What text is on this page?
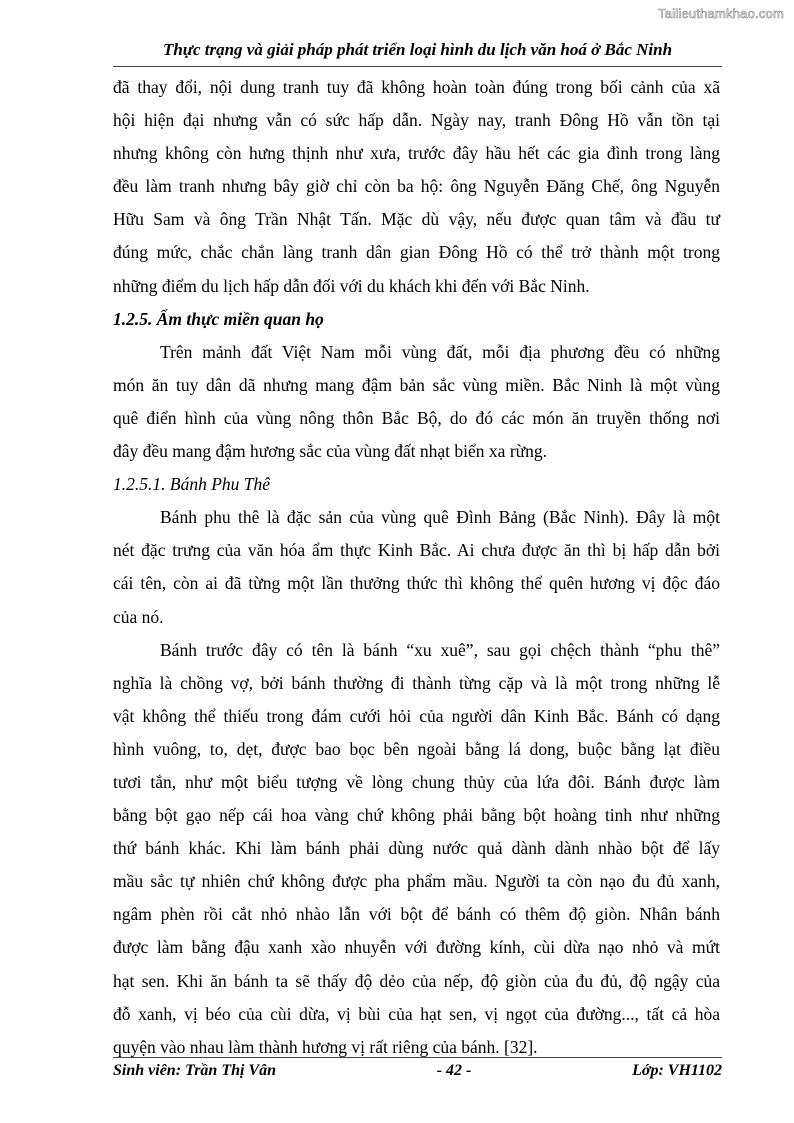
Tailieuthamkhao.com
Thực trạng và giải pháp phát triển loại hình du lịch văn hoá ở Bắc Ninh
đã thay đổi, nội dung tranh tuy đã không hoàn toàn đúng trong bối cảnh của xã
hội hiện đại nhưng vẫn có sức hấp dẫn. Ngày nay, tranh Đông Hồ vẫn tồn tại
nhưng không còn hưng thịnh như xưa, trước đây hầu hết các gia đình trong làng
đều làm tranh nhưng bây giờ chỉ còn ba hộ: ông Nguyễn Đăng Chế, ông Nguyễn
Hữu Sam và ông Trần Nhật Tấn. Mặc dù vậy, nếu được quan tâm và đầu tư
đúng mức, chắc chắn làng tranh dân gian Đông Hồ có thể trở thành một trong
những điểm du lịch hấp dẫn đối với du khách khi đến với Bắc Ninh.
1.2.5. Ẩm thực miền quan họ
Trên mảnh đất Việt Nam mỗi vùng đất, mỗi địa phương đều có những
món ăn tuy dân dã nhưng mang đậm bản sắc vùng miền. Bắc Ninh là một vùng
quê điển hình của vùng nông thôn Bắc Bộ, do đó các món ăn truyền thống nơi
đây đều mang đậm hương sắc của vùng đất nhạt biển xa rừng.
1.2.5.1. Bánh Phu Thê
Bánh phu thê là đặc sản của vùng quê Đình Bảng (Bắc Ninh). Đây là một
nét đặc trưng của văn hóa ẩm thực Kinh Bắc. Ai chưa được ăn thì bị hấp dẫn bởi
cái tên, còn ai đã từng một lần thưởng thức thì không thể quên hương vị độc đáo
của nó.
Bánh trước đây có tên là bánh “xu xuê”, sau gọi chệch thành “phu thê”
nghĩa là chồng vợ, bởi bánh thường đi thành từng cặp và là một trong những lễ
vật không thể thiếu trong đám cưới hỏi của người dân Kinh Bắc. Bánh có dạng
hình vuông, to, dẹt, được bao bọc bên ngoài bằng lá dong, buộc bằng lạt điều
tươi tắn, như một biểu tượng về lòng chung thủy của lứa đôi. Bánh được làm
bằng bột gạo nếp cái hoa vàng chứ không phải bằng bột hoàng tinh như những
thứ bánh khác. Khi làm bánh phải dùng nước quả dành dành nhào bột để lấy
mầu sắc tự nhiên chứ không được pha phẩm mầu. Người ta còn nạo đu đủ xanh,
ngâm phèn rồi cắt nhỏ nhào lẫn với bột để bánh có thêm độ giòn. Nhân bánh
được làm bằng đậu xanh xào nhuyễn với đường kính, cùi dừa nạo nhỏ và mứt
hạt sen. Khi ăn bánh ta sẽ thấy độ dẻo của nếp, độ giòn của đu đủ, độ ngậy của
đỗ xanh, vị béo của cùi dừa, vị bùi của hạt sen, vị ngọt của đường..., tất cả hòa
quyện vào nhau làm thành hương vị rất riêng của bánh. [32].
Sinh viên: Trần Thị Vân	- 42 -	Lớp: VH1102
